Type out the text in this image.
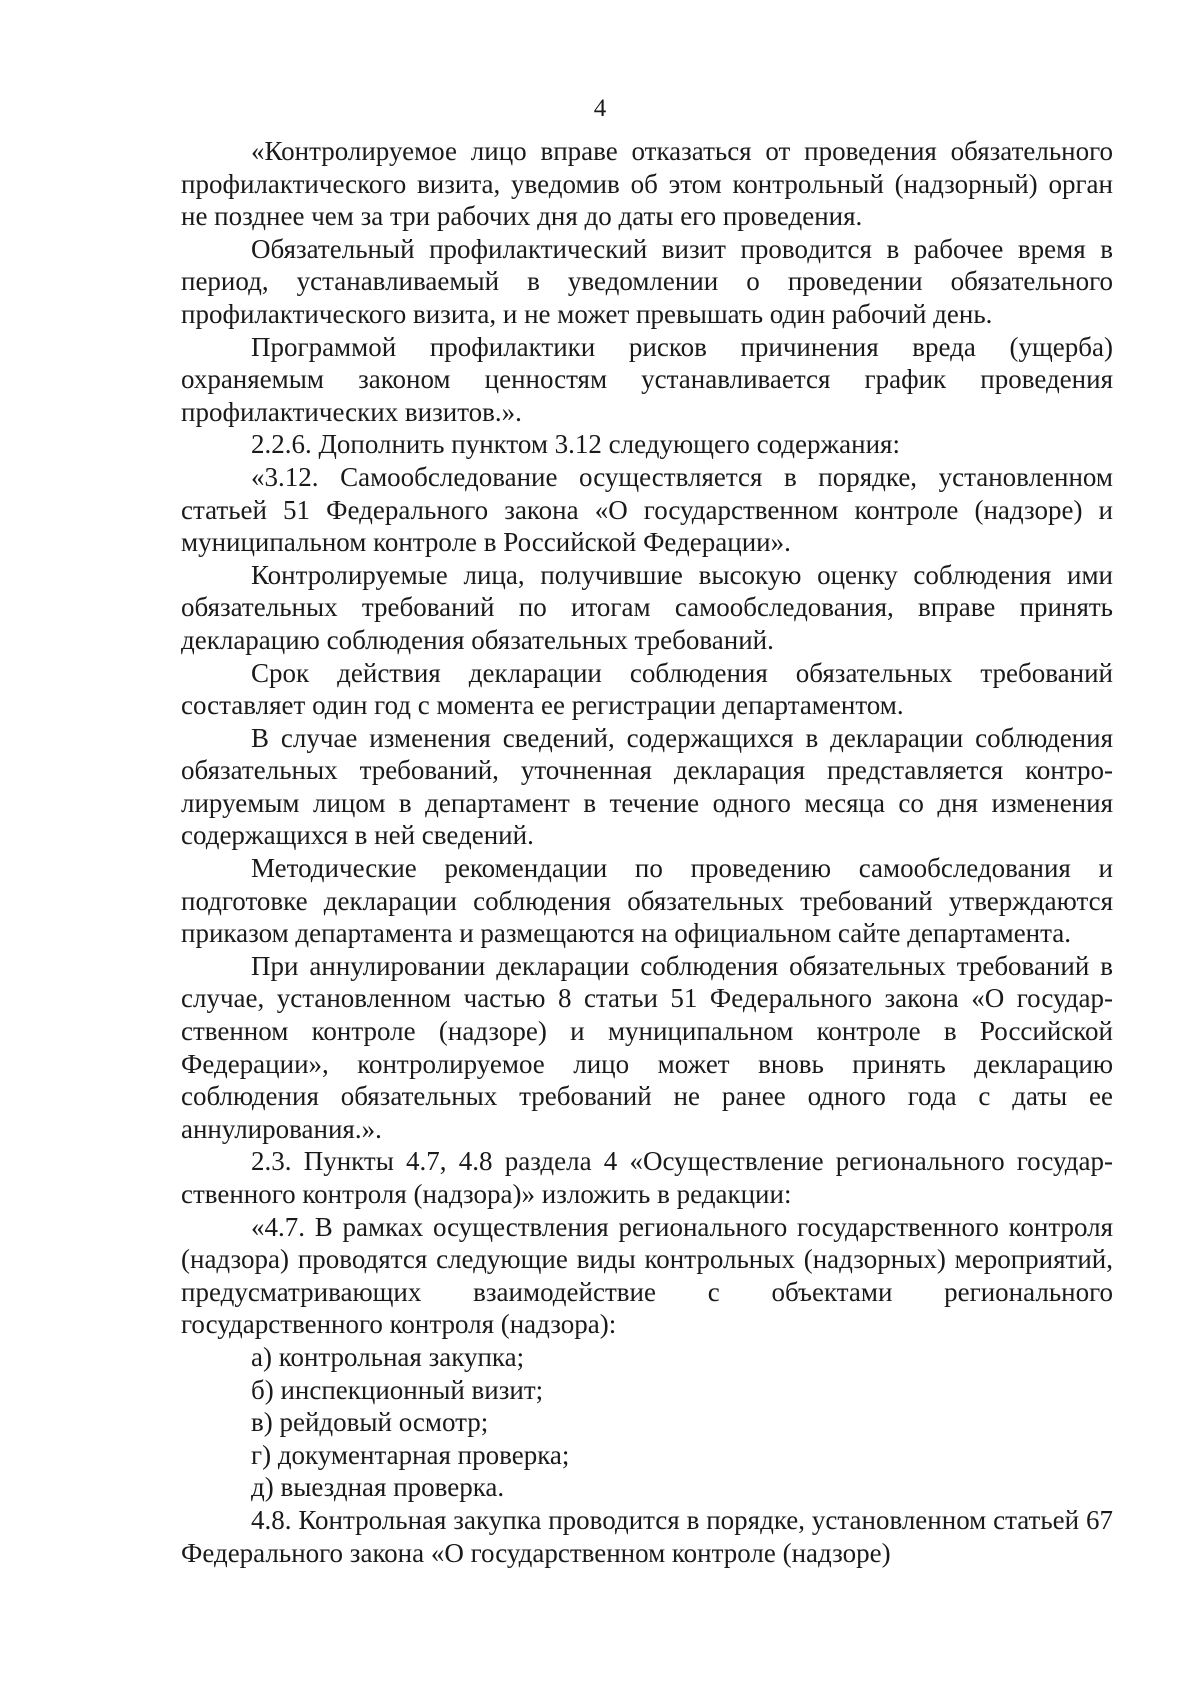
4

«Контролируемое лицо вправе отказаться от проведения обязательного профилактического визита, уведомив об этом контрольный (надзорный) орган не позднее чем за три рабочих дня до даты его проведения.

Обязательный профилактический визит проводится в рабочее время в период, устанавливаемый в уведомлении о проведении обязательного профилактического визита, и не может превышать один рабочий день.

Программой профилактики рисков причинения вреда (ущерба) охраняемым законом ценностям устанавливается график проведения профилактических визитов.».

2.2.6. Дополнить пунктом 3.12 следующего содержания:

«3.12. Самообследование осуществляется в порядке, установленном статьей 51 Федерального закона «О государственном контроле (надзоре) и муниципальном контроле в Российской Федерации».

Контролируемые лица, получившие высокую оценку соблюдения ими обязательных требований по итогам самообследования, вправе принять декларацию соблюдения обязательных требований.

Срок действия декларации соблюдения обязательных требований составляет один год с момента ее регистрации департаментом.

В случае изменения сведений, содержащихся в декларации соблюдения обязательных требований, уточненная декларация представляется контролируемым лицом в департамент в течение одного месяца со дня изменения содержащихся в ней сведений.

Методические рекомендации по проведению самообследования и подготовке декларации соблюдения обязательных требований утверждаются приказом департамента и размещаются на официальном сайте департамента.

При аннулировании декларации соблюдения обязательных требований в случае, установленном частью 8 статьи 51 Федерального закона «О государственном контроле (надзоре) и муниципальном контроле в Российской Федерации», контролируемое лицо может вновь принять декларацию соблюдения обязательных требований не ранее одного года с даты ее аннулирования.».

2.3. Пункты 4.7, 4.8 раздела 4 «Осуществление регионального государственного контроля (надзора)» изложить в редакции:

«4.7. В рамках осуществления регионального государственного контроля (надзора) проводятся следующие виды контрольных (надзорных) мероприятий, предусматривающих взаимодействие с объектами регионального государственного контроля (надзора):

а) контрольная закупка;

б) инспекционный визит;

в) рейдовый осмотр;

г) документарная проверка;

д) выездная проверка.

4.8. Контрольная закупка проводится в порядке, установленном статьей 67 Федерального закона «О государственном контроле (надзоре)
